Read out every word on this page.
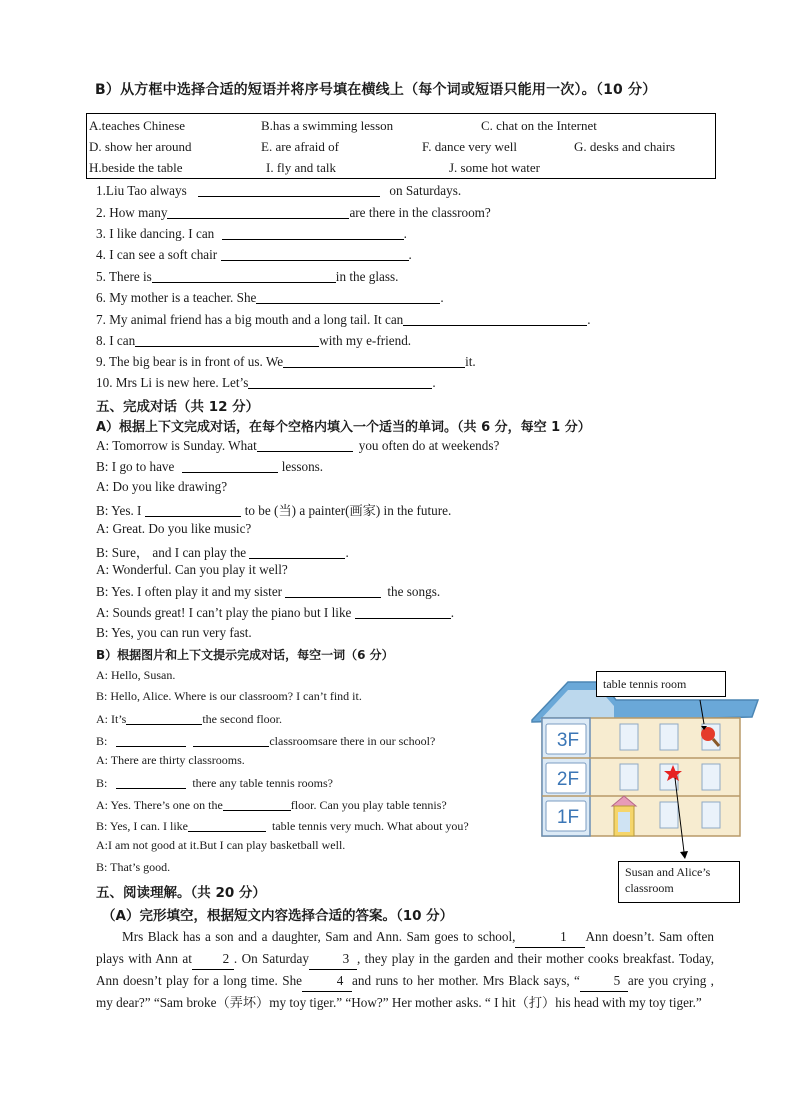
B）从方框中选择合适的短语并将序号填在横线上（每个词或短语只能用一次）。（10 分）
A.teaches Chinese	B.has a swimming lesson	C. chat on the Internet
D. show her around	E. are afraid of	F. dance very well	G. desks and chairs
H.beside the table	I. fly and talk	J. some hot water
1.Liu Tao always	on Saturdays.
2. How many	are there in the classroom?
3. I like dancing. I can	.
4. I can see a soft chair	.
5. There is	in the glass.
6. My mother is a teacher. She	.
7. My animal friend has a big mouth and a long tail. It can	.
8. I can	with my e-friend.
9. The big bear is in front of us. We	it.
10. Mrs Li is new here. Let’s	.
五、完成对话（共 12 分）
A）根据上下文完成对话，在每个空格内填入一个适当的单词。（共 6 分，每空 1 分）
A: Tomorrow is Sunday. What	you often do at weekends?
B: I go to have	lessons.
A: Do you like drawing?
B: Yes. I	to be (当) a painter(画家) in the future.
A: Great. Do you like music?
B: Sure， and I can play the	.
A: Wonderful. Can you play it well?
B: Yes. I often play it and my sister	the songs.
A: Sounds great! I can’t play the piano but I like	.
B: Yes, you can run very fast.
B）根据图片和上下文提示完成对话，每空一词（6 分）
A: Hello, Susan.
B: Hello, Alice. Where is our classroom? I can’t find it.
A: It’s	the second floor.
B:	classroomsare there in our school?
A: There are thirty classrooms.
B:	there any table tennis rooms?
A: Yes. There’s one on the	floor. Can you play table tennis?
B: Yes, I can. I like	table tennis very much. What about you?
A:I am not good at it.But I can play basketball well.
B: That’s good.
3F
2F
1F
table tennis room
Susan and Alice’s
classroom
五、阅读理解。（共 20 分）
（A）完形填空，根据短文内容选择合适的答案。（10 分）
Mrs Black has a son and a daughter, Sam and Ann. Sam goes to school,	1 Ann doesn’t. Sam often plays with Ann at 2 . On Saturday	3 , they play in the garden and their mother cooks breakfast. Today, Ann doesn’t play for a long time. She	4 and runs to her mother. Mrs Black says, “	5 are you crying , my dear?” “Sam broke（弄坏）my toy tiger.” “How?” Her mother asks. “ I hit（打）his head with my toy tiger.”
